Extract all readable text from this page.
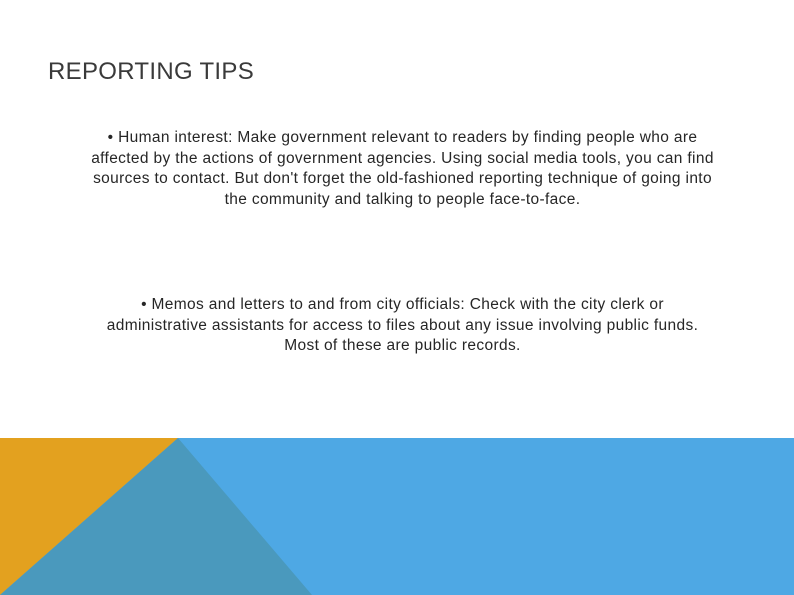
REPORTING TIPS

• Human interest: Make government relevant to readers by finding people who are affected by the actions of government agencies. Using social media tools, you can find sources to contact. But don't forget the old-fashioned reporting technique of going into the community and talking to people face-to-face.

• Memos and letters to and from city officials: Check with the city clerk or administrative assistants for access to files about any issue involving public funds. Most of these are public records.
